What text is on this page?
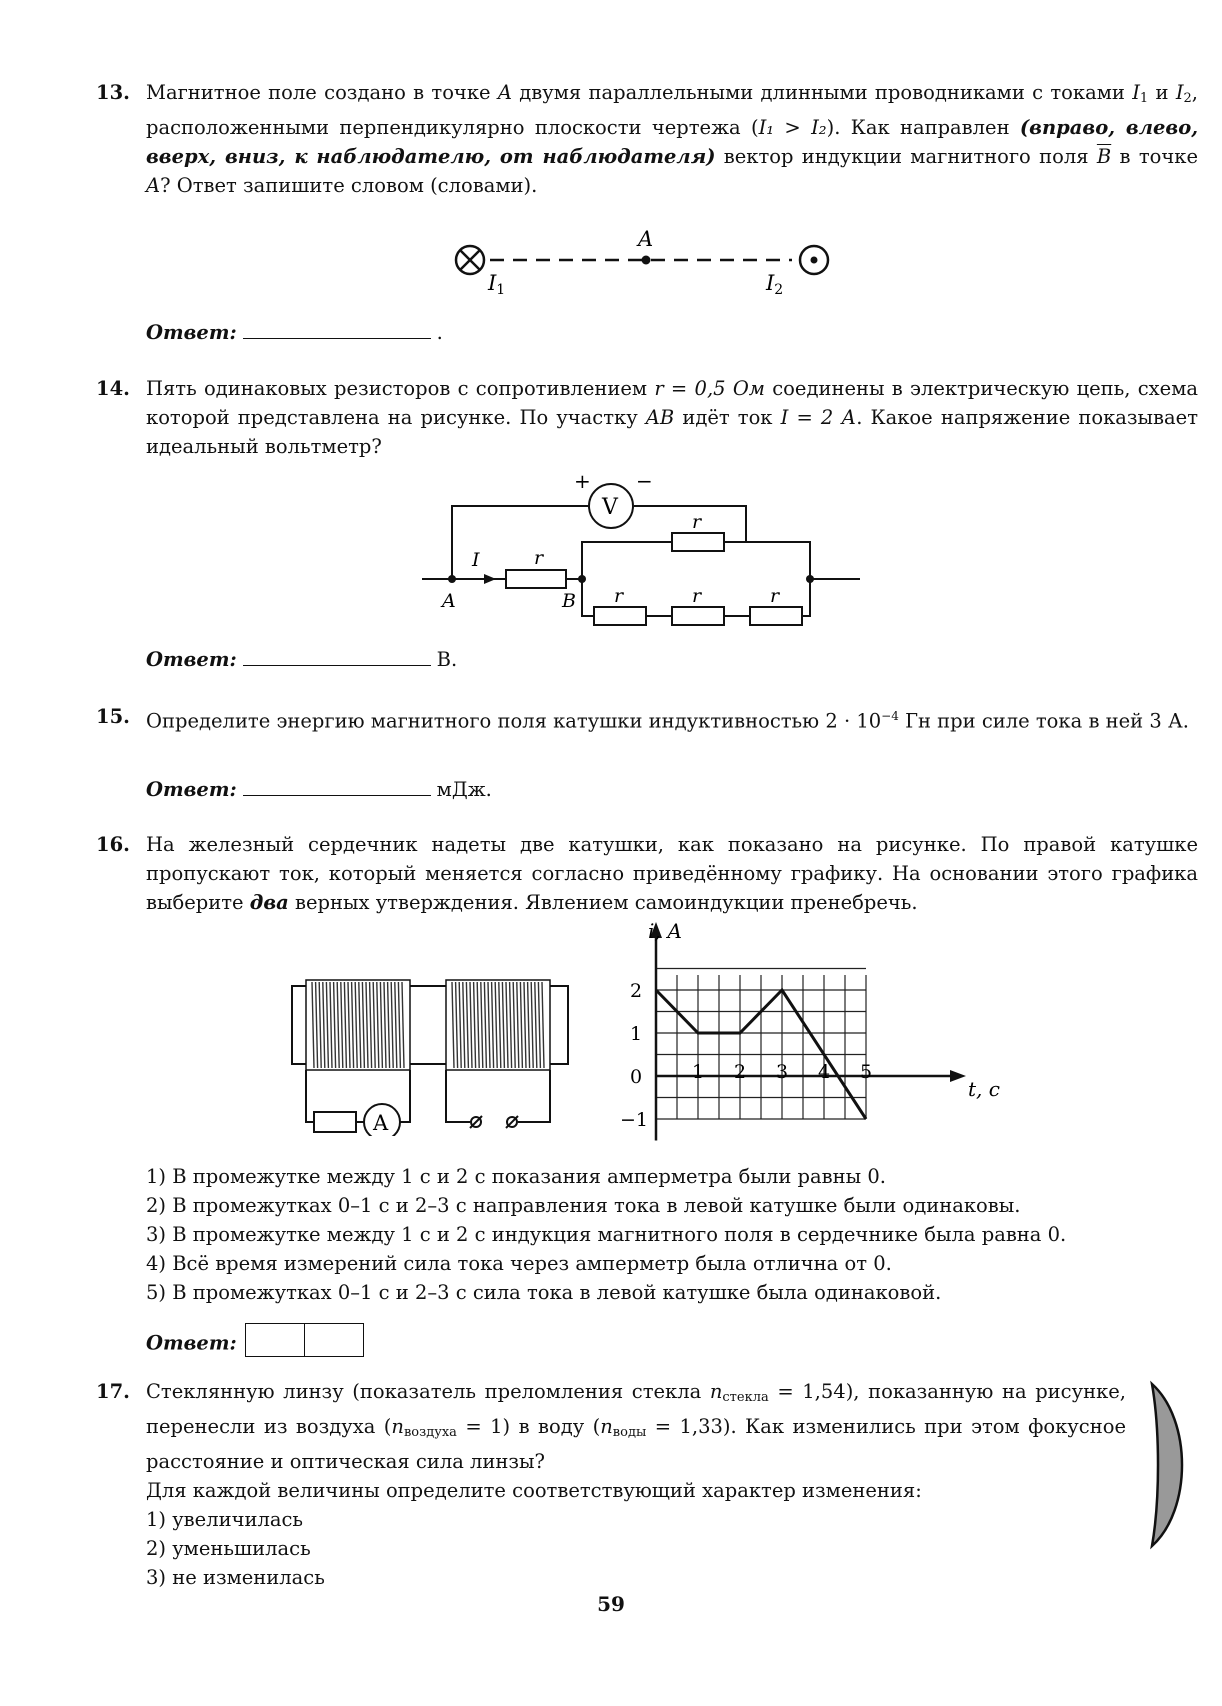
13. Магнитное поле создано в точке A двумя параллельными длинными проводниками с токами $I_1$ и $I_2$, расположенными перпендикулярно плоскости чертежа (I₁ > I₂). Как направлен (вправо, влево, вверх, вниз, к наблюдателю, от наблюдателя) вектор индукции магнитного поля $\overline{B}$ в точке A? Ответ запишите словом (словами).
A
I1	I2
Ответ:	.
14. Пять одинаковых резисторов с сопротивлением r = 0,5 Ом соединены в электрическую цепь, схема которой представлена на рисунке. По участку AB идёт ток I = 2 А. Какое напряжение показывает идеальный вольтметр?
V
+ −
r
r
r	r	r
I
A	B
Ответ:	В.
15. Определите энергию магнитного поля катушки индуктивностью $2 \cdot 10^{-4}$ Гн при силе тока в ней 3 А.
Ответ:	мДж.
16. На железный сердечник надеты две катушки, как показано на рисунке. По правой катушке пропускают ток, который меняется согласно приведённому графику. На основании этого графика выберите два верных утверждения. Явлением самоиндукции пренебречь.
A
1 2 3 4 5
2
1
0
−1
i, А
t, с
1) В промежутке между 1 с и 2 с показания амперметра были равны 0.
2) В промежутках 0–1 с и 2–3 с направления тока в левой катушке были одинаковы.
3) В промежутке между 1 с и 2 с индукция магнитного поля в сердечнике была равна 0.
4) Всё время измерений сила тока через амперметр была отлична от 0.
5) В промежутках 0–1 с и 2–3 с сила тока в левой катушке была одинаковой.
Ответ:
17. Стеклянную линзу (показатель преломления стекла $n_{стекла} = 1,54$), показанную на рисунке, перенесли из воздуха $(n_{воздуха} = 1)$ в воду $(n_{воды} = 1,33)$. Как изменились при этом фокусное расстояние и оптическая сила линзы?
Для каждой величины определите соответствующий характер изменения:
1) увеличилась
2) уменьшилась
3) не изменилась
59
